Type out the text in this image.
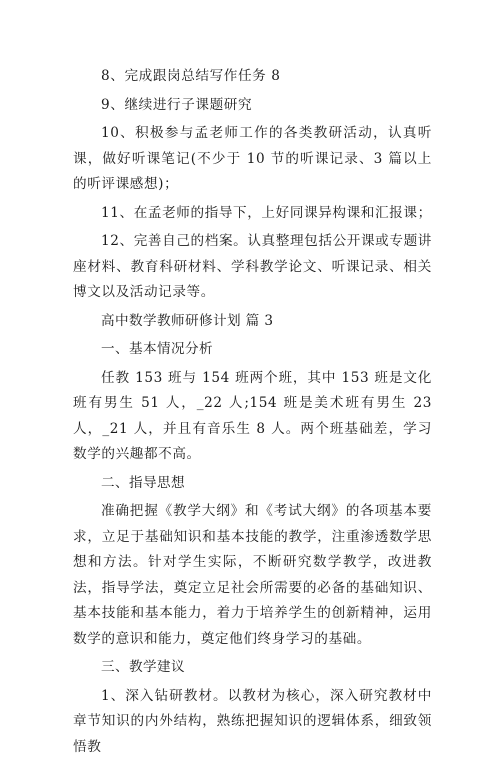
8、完成跟岗总结写作任务 8

9、继续进行子课题研究

10、积极参与孟老师工作的各类教研活动，认真听课，做好听课笔记(不少于 10 节的听课记录、3 篇以上的听评课感想)；

11、在孟老师的指导下，上好同课异构课和汇报课；

12、完善自己的档案。认真整理包括公开课或专题讲座材料、教育科研材料、学科教学论文、听课记录、相关博文以及活动记录等。

高中数学教师研修计划 篇 3

一、基本情况分析

任教 153 班与 154 班两个班，其中 153 班是文化班有男生 51 人，_22 人;154 班是美术班有男生 23 人，_21 人，并且有音乐生 8 人。两个班基础差，学习数学的兴趣都不高。

二、指导思想

准确把握《教学大纲》和《考试大纲》的各项基本要求，立足于基础知识和基本技能的教学，注重渗透数学思想和方法。针对学生实际，不断研究数学教学，改进教法，指导学法，奠定立足社会所需要的必备的基础知识、基本技能和基本能力，着力于培养学生的创新精神，运用数学的意识和能力，奠定他们终身学习的基础。

三、教学建议

1、深入钻研教材。以教材为核心，深入研究教材中章节知识的内外结构，熟练把握知识的逻辑体系，细致领悟教
